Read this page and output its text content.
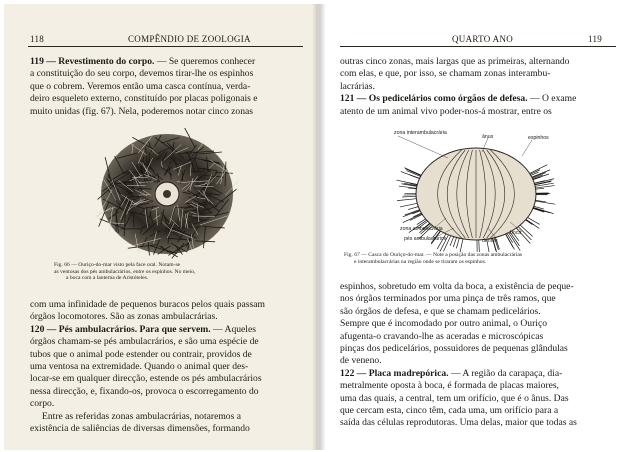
118	COMPÊNDIO DE ZOOLOGIA
119 — Revestimento do corpo. — Se queremos conhecer
a constituição do seu corpo, devemos tirar-lhe os espinhos
que o cobrem. Veremos então uma casca contínua, verda-
deiro esqueleto externo, constituído por placas poligonais e
muito unidas (fig. 67). Nela, poderemos notar cinco zonas
Fig. 66 — Ouriço-do-mar visto pela face oral. Notam-se
as ventosas dos pés ambulacrários, entre os espinhos. No meio,
a boca com a lanterna de Aristóteles.
com uma infinidade de pequenos buracos pelos quais passam
órgãos locomotores. São as zonas ambulacrárias.
120 — Pés ambulacrários. Para que servem. — Aqueles
órgãos chamam-se pés ambulacrários, e são uma espécie de
tubos que o animal pode estender ou contrair, providos de
uma ventosa na extremidade. Quando o animal quer des-
locar-se em qualquer direcção, estende os pés ambulacrários
nessa direcção, e, fixando-os, provoca o escorregamento do
corpo.
Entre as referidas zonas ambulacrárias, notaremos a
existência de saliências de diversas dimensões, formando
QUARTO ANO	119
outras cinco zonas, mais largas que as primeiras, alternando
com elas, e que, por isso, se chamam zonas interambu-
lacrárias.
121 — Os pedicelários como órgãos de defesa. — O exame
atento de um animal vivo poder-nos-á mostrar, entre os
zona interambulacrária
ânus	espinhos
zona ambulacrária
pés ambulacrários
boca
dentes
Fig. 67 — Casca do Ouriço-do-mar. — Note a posição das zonas ambulacrárias
e interambulacrárias na região onde se tiraram os espinhos.
espinhos, sobretudo em volta da boca, a existência de peque-
nos órgãos terminados por uma pinça de três ramos, que
são órgãos de defesa, e que se chamam pedicelários.
Sempre que é incomodado por outro animal, o Ouriço
afugenta-o cravando-lhe as aceradas e microscópicas
pinças dos pedicelários, possuidores de pequenas glândulas
de veneno.
122 — Placa madrepórica. — A região da carapaça, dia-
metralmente oposta à boca, é formada de placas maiores,
uma das quais, a central, tem um orifício, que é o ânus. Das
que cercam esta, cinco têm, cada uma, um orifício para a
saída das células reprodutoras. Uma delas, maior que todas as
